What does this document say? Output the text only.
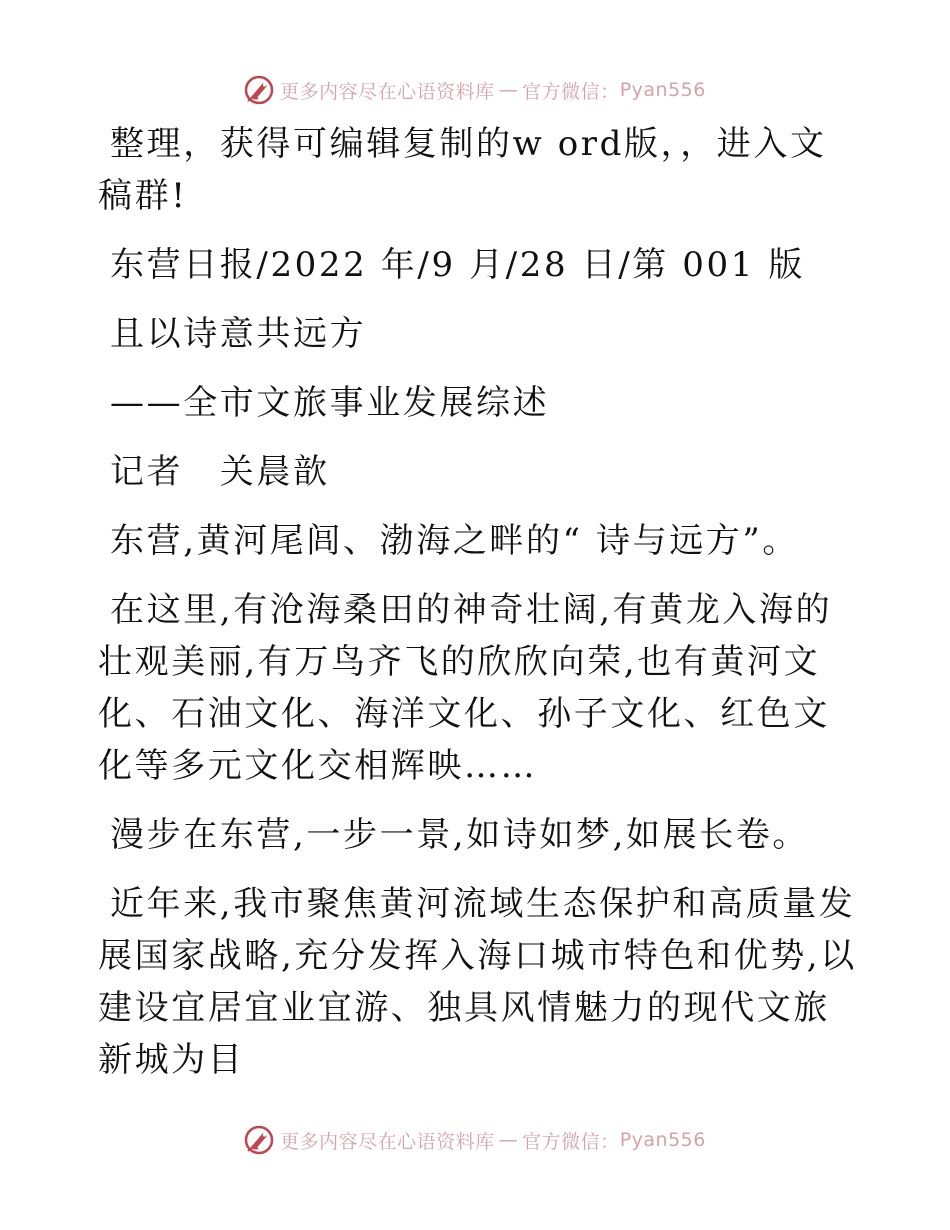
更多内容尽在心语资料库 — 官方微信： Pyan556

整理，获得可编辑复制的w ord版，，进入文稿群!

东营日报/2022 年/9 月/28 日/第 001 版

且以诗意共远方

——全市文旅事业发展综述

记者　关晨歆

东营,黄河尾闾、渤海之畔的“ 诗与远方”。

在这里,有沧海桑田的神奇壮阔,有黄龙入海的壮观美丽,有万鸟齐飞的欣欣向荣,也有黄河文化、石油文化、海洋文化、孙子文化、红色文化等多元文化交相辉映……

漫步在东营,一步一景,如诗如梦,如展长卷。

近年来,我市聚焦黄河流域生态保护和高质量发展国家战略,充分发挥入海口城市特色和优势,以建设宜居宜业宜游、独具风情魅力的现代文旅新城为目

更多内容尽在心语资料库 — 官方微信： Pyan556
